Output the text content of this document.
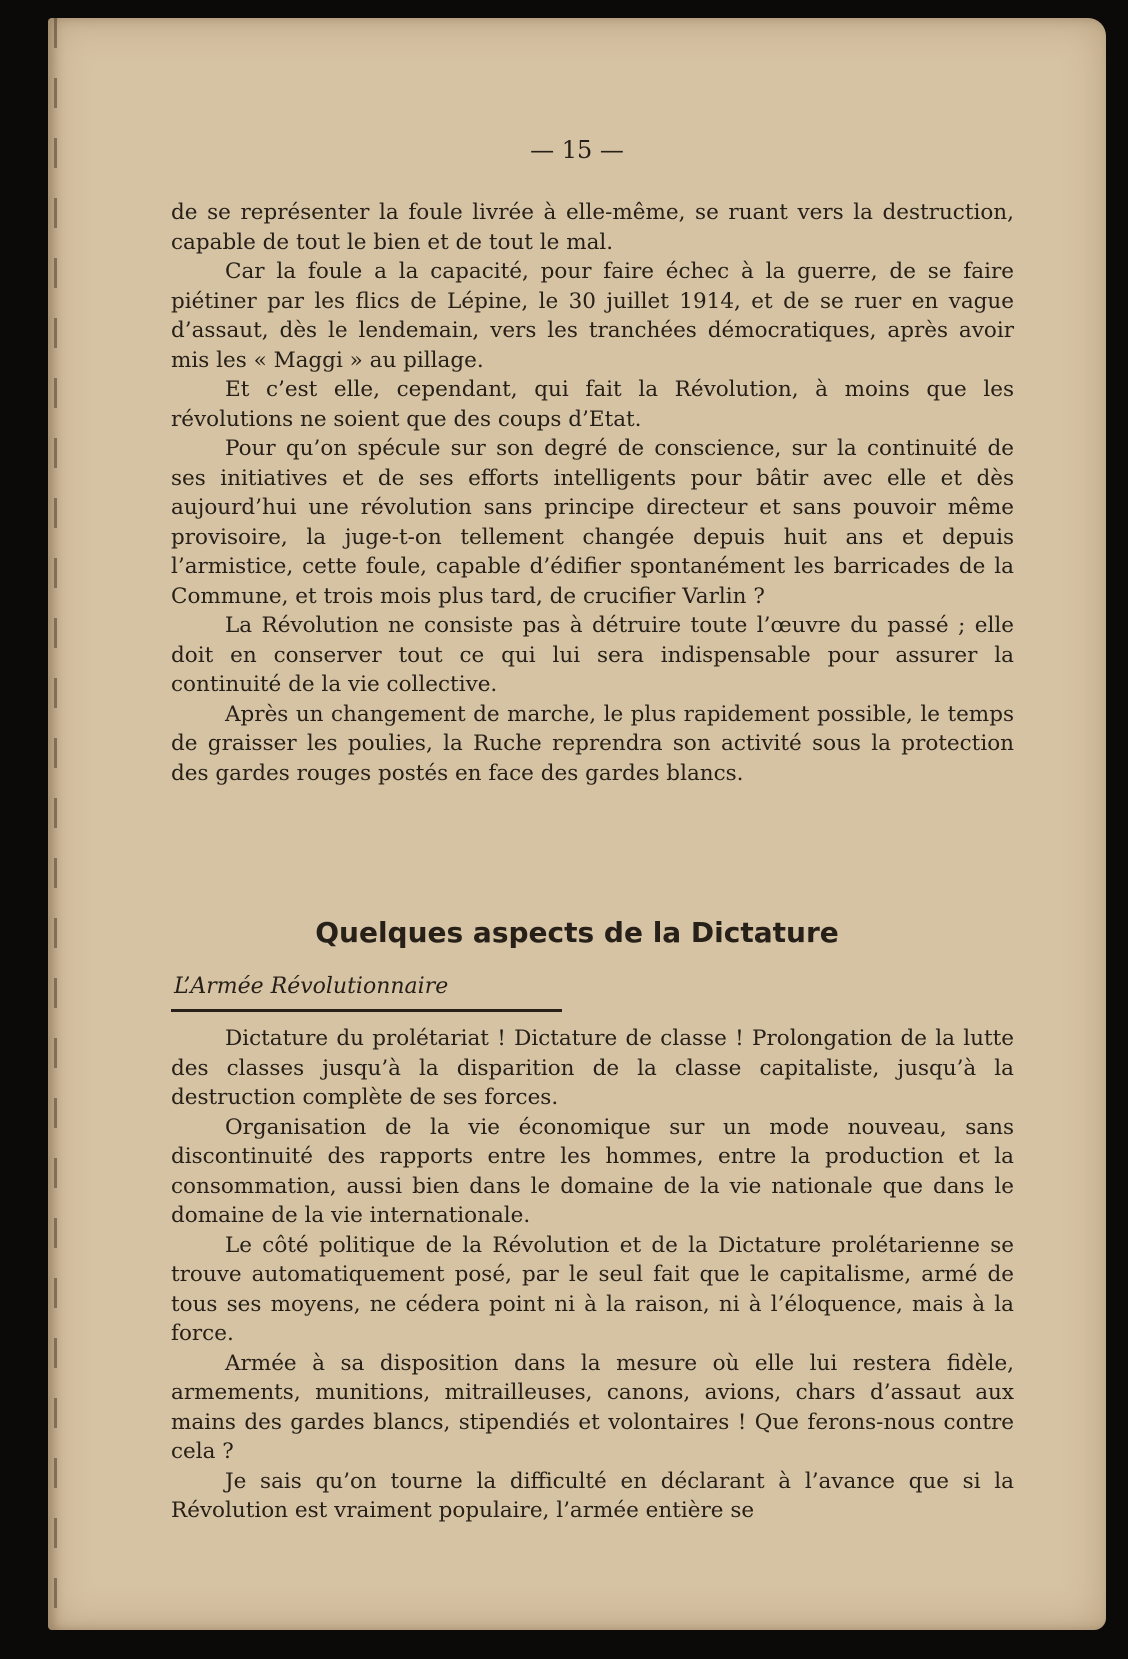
— 15 —

de se représenter la foule livrée à elle-même, se ruant vers la destruction, capable de tout le bien et de tout le mal.

Car la foule a la capacité, pour faire échec à la guerre, de se faire piétiner par les flics de Lépine, le 30 juillet 1914, et de se ruer en vague d’assaut, dès le lendemain, vers les tranchées démocratiques, après avoir mis les « Maggi » au pillage.

Et c’est elle, cependant, qui fait la Révolution, à moins que les révolutions ne soient que des coups d’Etat.

Pour qu’on spécule sur son degré de conscience, sur la continuité de ses initiatives et de ses efforts intelligents pour bâtir avec elle et dès aujourd’hui une révolution sans principe directeur et sans pouvoir même provisoire, la juge-t-on tellement changée depuis huit ans et depuis l’armistice, cette foule, capable d’édifier spontanément les barricades de la Commune, et trois mois plus tard, de crucifier Varlin ?

La Révolution ne consiste pas à détruire toute l’œuvre du passé ; elle doit en conserver tout ce qui lui sera indispensable pour assurer la continuité de la vie collective.

Après un changement de marche, le plus rapidement possible, le temps de graisser les poulies, la Ruche reprendra son activité sous la protection des gardes rouges postés en face des gardes blancs.

Quelques aspects de la Dictature
L’Armée Révolutionnaire

Dictature du prolétariat ! Dictature de classe ! Prolongation de la lutte des classes jusqu’à la disparition de la classe capitaliste, jusqu’à la destruction complète de ses forces.

Organisation de la vie économique sur un mode nouveau, sans discontinuité des rapports entre les hommes, entre la production et la consommation, aussi bien dans le domaine de la vie nationale que dans le domaine de la vie internationale.

Le côté politique de la Révolution et de la Dictature prolétarienne se trouve automatiquement posé, par le seul fait que le capitalisme, armé de tous ses moyens, ne cédera point ni à la raison, ni à l’éloquence, mais à la force.

Armée à sa disposition dans la mesure où elle lui restera fidèle, armements, munitions, mitrailleuses, canons, avions, chars d’assaut aux mains des gardes blancs, stipendiés et volontaires ! Que ferons-nous contre cela ?

Je sais qu’on tourne la difficulté en déclarant à l’avance que si la Révolution est vraiment populaire, l’armée entière se
